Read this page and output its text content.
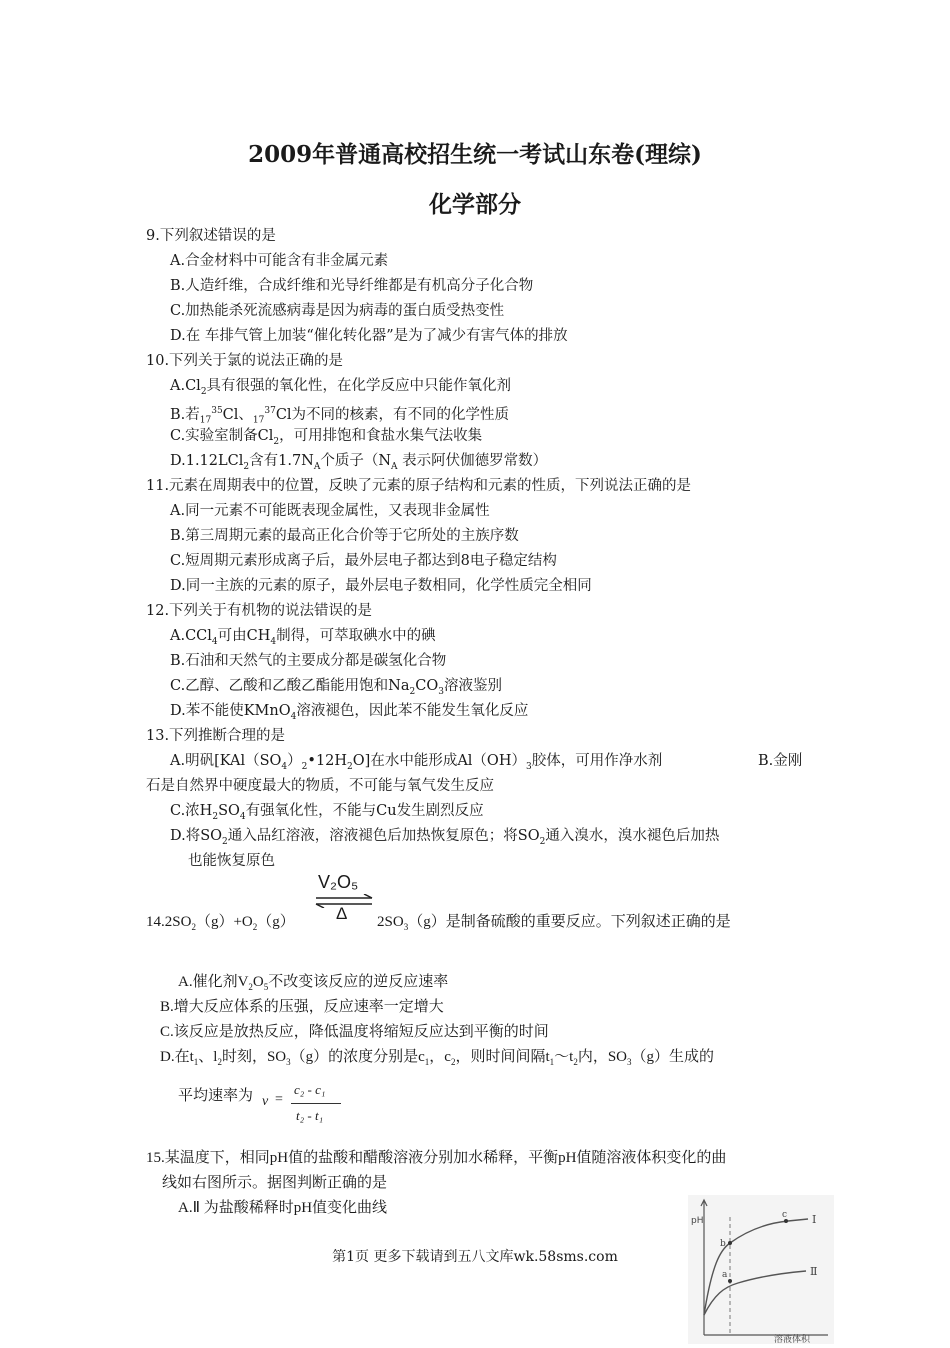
2009年普通高校招生统一考试山东卷(理综)
化学部分
9.下列叙述错误的是
A.合金材料中可能含有非金属元素
B.人造纤维，合成纤维和光导纤维都是有机高分子化合物
C.加热能杀死流感病毒是因为病毒的蛋白质受热变性
D.在 车排气管上加装“催化转化器”是为了减少有害气体的排放
10.下列关于氯的说法正确的是
$A.Cl_2$具有很强的氧化性，在化学反应中只能作氧化剂
B.若$_{17}^{35}$Cl、$_{17}^{37}$Cl为不同的核素，有不同的化学性质
C.实验室制备$Cl_2$，可用排饱和食盐水集气法收集
D.1.12LCl$_2$含有$1.7N_A$个质子（$N_A$ 表示阿伏伽德罗常数）
11.元素在周期表中的位置，反映了元素的原子结构和元素的性质，下列说法正确的是
A.同一元素不可能既表现金属性，又表现非金属性
B.第三周期元素的最高正化合价等于它所处的主族序数
C.短周期元素形成离子后，最外层电子都达到8电子稳定结构
D.同一主族的元素的原子，最外层电子数相同，化学性质完全相同
12.下列关于有机物的说法错误的是
A.CCl$_4$可由$CH_4$制得，可萃取碘水中的碘
B.石油和天然气的主要成分都是碳氢化合物
C.乙醇、乙酸和乙酸乙酯能用饱和$Na_2CO_3$溶液鉴别
D.苯不能使KMnO$_4$溶液褪色，因此苯不能发生氧化反应
13.下列推断合理的是
A.明矾$[KAl(SO_4)_2•12H_2O]$在水中能形成$Al(OH)_3$胶体，可用作净水剂	B.金刚
石是自然界中硬度最大的物质，不可能与氧气发生反应
C.浓$H_2SO_4$有强氧化性，不能与Cu发生剧烈反应
D.将$SO_2$通入品红溶液，溶液褪色后加热恢复原色；将$SO_2$通入溴水，溴水褪色后加热
也能恢复原色
V₂O₅
Δ
$14.2SO_2(g)+O_2(g)$	$2SO_3(g)$是制备硫酸的重要反应。下列叙述正确的是
A.催化剂$V_2O_5$不改变该反应的逆反应速率
B.增大反应体系的压强，反应速率一定增大
C.该反应是放热反应，降低温度将缩短反应达到平衡的时间
D.在$t_1$、$l_2$时刻，$SO_3(g)$的浓度分别是$c_1$，$c_2$，则时间间隔$t_1\sim t_2$内，$SO_3(g)$生成的
平均速率为 v =
c₂ - c₁
t₂ - t₁
15.某温度下，相同pH值的盐酸和醋酸溶液分别加水稀释，平衡pH值随溶液体积变化的曲
线如右图所示。据图判断正确的是
A.Ⅱ 为盐酸稀释时pH值变化曲线
pH
溶液体积
Ⅰ
Ⅱ
b
a
c
第1页 更多下载请到五八文库wk.58sms.com
